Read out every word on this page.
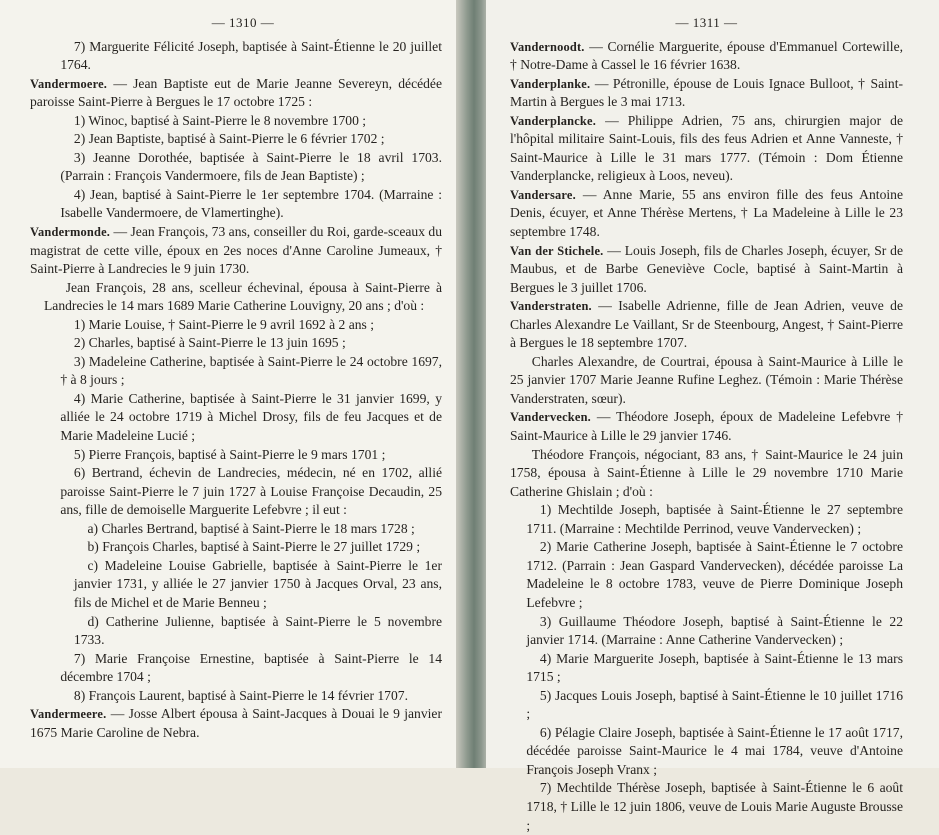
— 1310 —

7) Marguerite Félicité Joseph, baptisée à Saint-Étienne le 20 juillet 1764.

Vandermoere. — Jean Baptiste eut de Marie Jeanne Severeyn, décédée paroisse Saint-Pierre à Bergues le 17 octobre 1725 :

1) Winoc, baptisé à Saint-Pierre le 8 novembre 1700 ;

2) Jean Baptiste, baptisé à Saint-Pierre le 6 février 1702 ;

3) Jeanne Dorothée, baptisée à Saint-Pierre le 18 avril 1703. (Parrain : François Vandermoere, fils de Jean Baptiste) ;

4) Jean, baptisé à Saint-Pierre le 1er septembre 1704. (Marraine : Isabelle Vandermoere, de Vlamertinghe).

Vandermonde. — Jean François, 73 ans, conseiller du Roi, garde-sceaux du magistrat de cette ville, époux en 2es noces d'Anne Caroline Jumeaux, † Saint-Pierre à Landrecies le 9 juin 1730.

Jean François, 28 ans, scelleur échevinal, épousa à Saint-Pierre à Landrecies le 14 mars 1689 Marie Catherine Louvigny, 20 ans ; d'où :

1) Marie Louise, † Saint-Pierre le 9 avril 1692 à 2 ans ;

2) Charles, baptisé à Saint-Pierre le 13 juin 1695 ;

3) Madeleine Catherine, baptisée à Saint-Pierre le 24 octobre 1697, † à 8 jours ;

4) Marie Catherine, baptisée à Saint-Pierre le 31 janvier 1699, y alliée le 24 octobre 1719 à Michel Drosy, fils de feu Jacques et de Marie Madeleine Lucié ;

5) Pierre François, baptisé à Saint-Pierre le 9 mars 1701 ;

6) Bertrand, échevin de Landrecies, médecin, né en 1702, allié paroisse Saint-Pierre le 7 juin 1727 à Louise Françoise Decaudin, 25 ans, fille de demoiselle Marguerite Lefebvre ; il eut :

a) Charles Bertrand, baptisé à Saint-Pierre le 18 mars 1728 ;

b) François Charles, baptisé à Saint-Pierre le 27 juillet 1729 ;

c) Madeleine Louise Gabrielle, baptisée à Saint-Pierre le 1er janvier 1731, y alliée le 27 janvier 1750 à Jacques Orval, 23 ans, fils de Michel et de Marie Benneu ;

d) Catherine Julienne, baptisée à Saint-Pierre le 5 novembre 1733.

7) Marie Françoise Ernestine, baptisée à Saint-Pierre le 14 décembre 1704 ;

8) François Laurent, baptisé à Saint-Pierre le 14 février 1707.

Vandermeere. — Josse Albert épousa à Saint-Jacques à Douai le 9 janvier 1675 Marie Caroline de Nebra.

— 1311 —

Vandernoodt. — Cornélie Marguerite, épouse d'Emmanuel Cortewille, † Notre-Dame à Cassel le 16 février 1638.

Vanderplanke. — Pétronille, épouse de Louis Ignace Bulloot, † Saint-Martin à Bergues le 3 mai 1713.

Vanderplancke. — Philippe Adrien, 75 ans, chirurgien major de l'hôpital militaire Saint-Louis, fils des feus Adrien et Anne Vanneste, † Saint-Maurice à Lille le 31 mars 1777. (Témoin : Dom Étienne Vanderplancke, religieux à Loos, neveu).

Vandersare. — Anne Marie, 55 ans environ fille des feus Antoine Denis, écuyer, et Anne Thérèse Mertens, † La Madeleine à Lille le 23 septembre 1748.

Van der Stichele. — Louis Joseph, fils de Charles Joseph, écuyer, Sr de Maubus, et de Barbe Geneviève Cocle, baptisé à Saint-Martin à Bergues le 3 juillet 1706.

Vanderstraten. — Isabelle Adrienne, fille de Jean Adrien, veuve de Charles Alexandre Le Vaillant, Sr de Steenbourg, Angest, † Saint-Pierre à Bergues le 18 septembre 1707.

Charles Alexandre, de Courtrai, épousa à Saint-Maurice à Lille le 25 janvier 1707 Marie Jeanne Rufine Leghez. (Témoin : Marie Thérèse Vanderstraten, sœur).

Vandervecken. — Théodore Joseph, époux de Madeleine Lefebvre † Saint-Maurice à Lille le 29 janvier 1746.

Théodore François, négociant, 83 ans, † Saint-Maurice le 24 juin 1758, épousa à Saint-Étienne à Lille le 29 novembre 1710 Marie Catherine Ghislain ; d'où :

1) Mechtilde Joseph, baptisée à Saint-Étienne le 27 septembre 1711. (Marraine : Mechtilde Perrinod, veuve Vandervecken) ;

2) Marie Catherine Joseph, baptisée à Saint-Étienne le 7 octobre 1712. (Parrain : Jean Gaspard Vandervecken), décédée paroisse La Madeleine le 8 octobre 1783, veuve de Pierre Dominique Joseph Lefebvre ;

3) Guillaume Théodore Joseph, baptisé à Saint-Étienne le 22 janvier 1714. (Marraine : Anne Catherine Vandervecken) ;

4) Marie Marguerite Joseph, baptisée à Saint-Étienne le 13 mars 1715 ;

5) Jacques Louis Joseph, baptisé à Saint-Étienne le 10 juillet 1716 ;

6) Pélagie Claire Joseph, baptisée à Saint-Étienne le 17 août 1717, décédée paroisse Saint-Maurice le 4 mai 1784, veuve d'Antoine François Joseph Vranx ;

7) Mechtilde Thérèse Joseph, baptisée à Saint-Étienne le 6 août 1718, † Lille le 12 juin 1806, veuve de Louis Marie Auguste Brousse ;
